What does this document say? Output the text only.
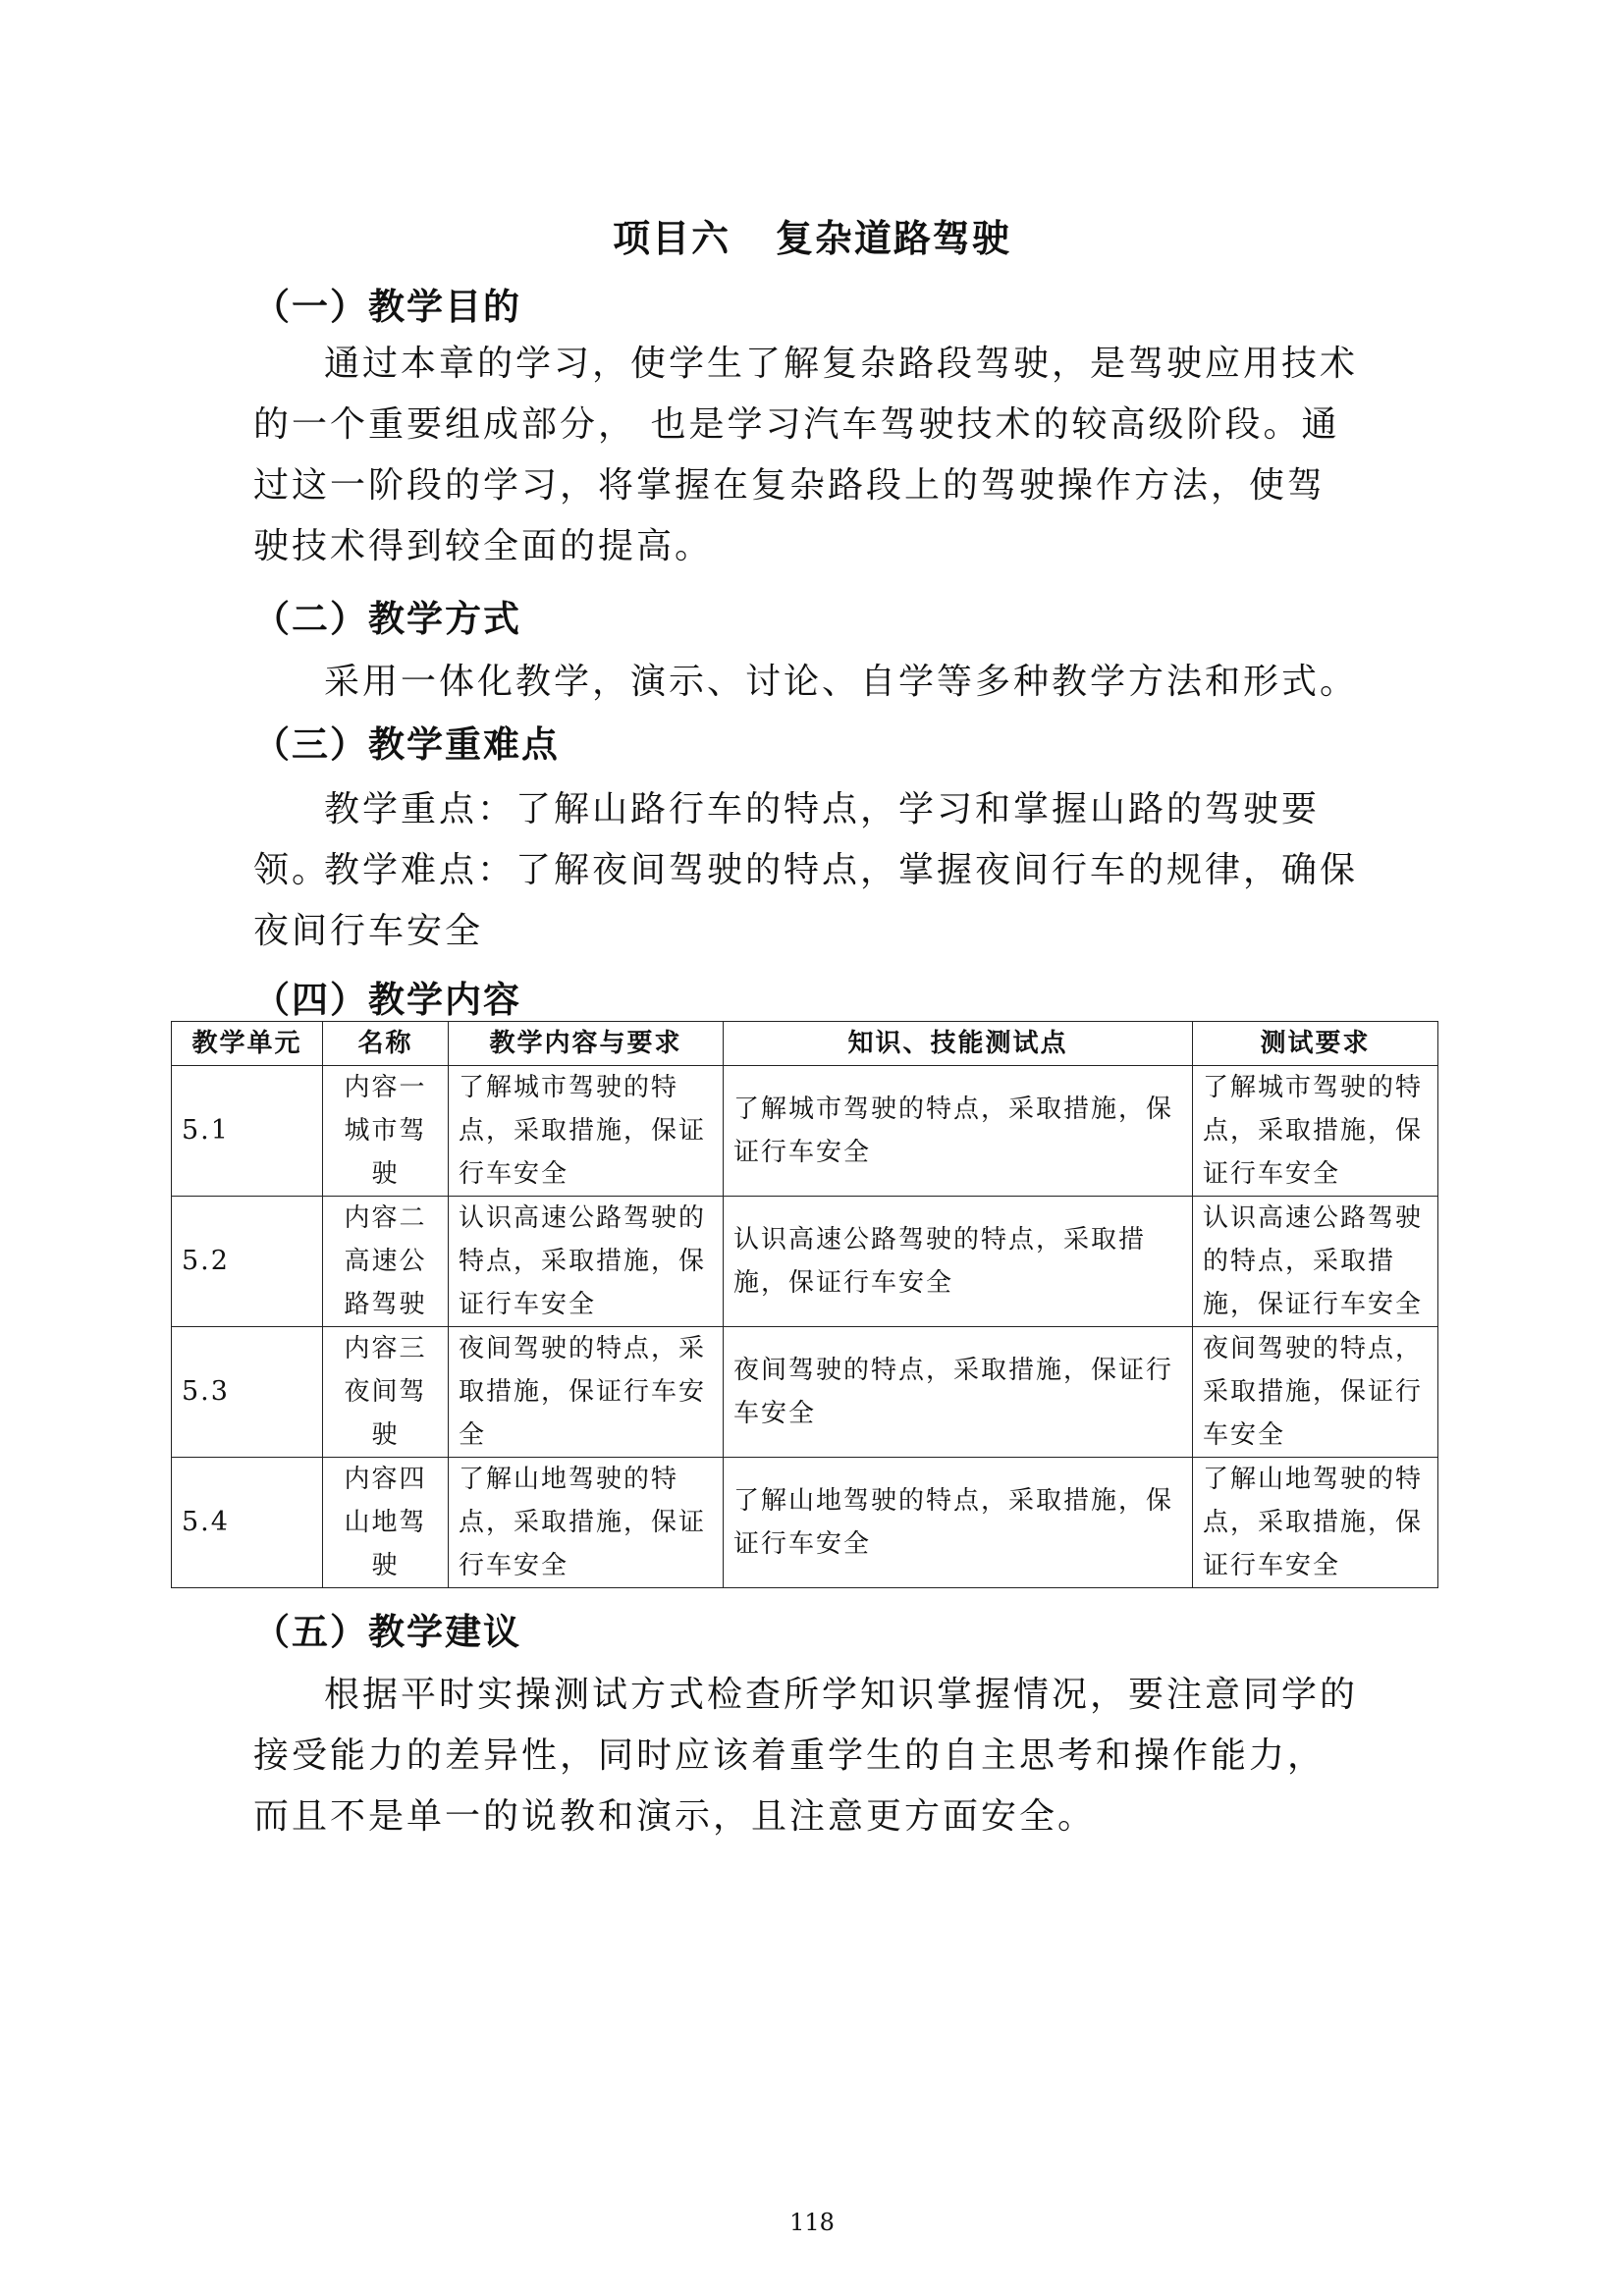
项目六   复杂道路驾驶
（一）教学目的
通过本章的学习，使学生了解复杂路段驾驶，是驾驶应用技术的一个重要组成部分， 也是学习汽车驾驶技术的较高级阶段。通过这一阶段的学习，将掌握在复杂路段上的驾驶操作方法，使驾驶技术得到较全面的提高。
（二）教学方式
采用一体化教学，演示、讨论、自学等多种教学方法和形式。
（三）教学重难点
教学重点：了解山路行车的特点，学习和掌握山路的驾驶要领。
教学难点：了解夜间驾驶的特点，掌握夜间行车的规律，确保夜间行车安全
（四）教学内容
教学单元	名称	教学内容与要求	知识、技能测试点	测试要求
5.1	内容一城市驾驶	了解城市驾驶的特点，采取措施，保证行车安全	了解城市驾驶的特点，采取措施，保证行车安全	了解城市驾驶的特点，采取措施，保证行车安全
5.2	内容二高速公路驾驶	认识高速公路驾驶的特点，采取措施，保证行车安全	认识高速公路驾驶的特点，采取措施，保证行车安全	认识高速公路驾驶的特点，采取措施，保证行车安全
5.3	内容三夜间驾驶	夜间驾驶的特点，采取措施，保证行车安全	夜间驾驶的特点，采取措施，保证行车安全	夜间驾驶的特点，采取措施，保证行车安全
5.4	内容四山地驾驶	了解山地驾驶的特点，采取措施，保证行车安全	了解山地驾驶的特点，采取措施，保证行车安全	了解山地驾驶的特点，采取措施，保证行车安全
（五）教学建议
根据平时实操测试方式检查所学知识掌握情况，要注意同学的接受能力的差异性，同时应该着重学生的自主思考和操作能力，而且不是单一的说教和演示，且注意更方面安全。
118
